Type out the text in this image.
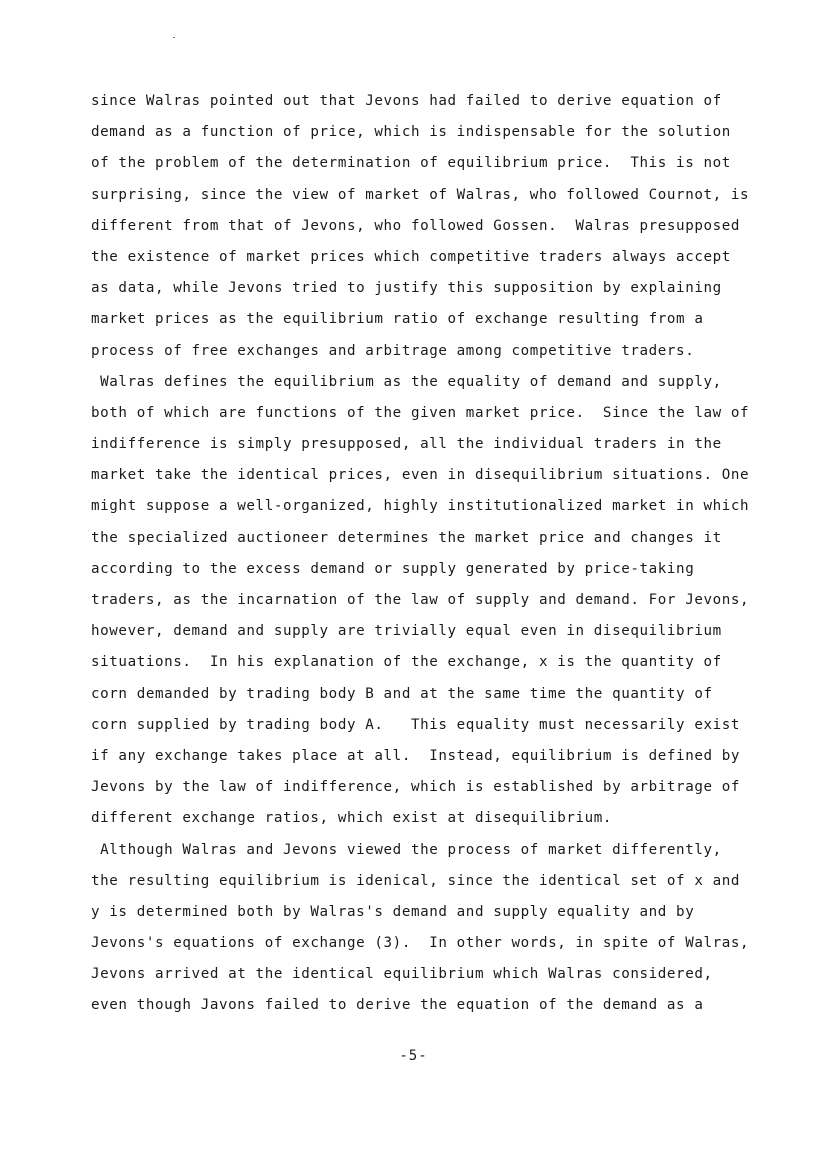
since Walras pointed out that Jevons had failed to derive equation of
demand as a function of price, which is indispensable for the solution
of the problem of the determination of equilibrium price.  This is not
surprising, since the view of market of Walras, who followed Cournot, is
different from that of Jevons, who followed Gossen.  Walras presupposed
the existence of market prices which competitive traders always accept
as data, while Jevons tried to justify this supposition by explaining
market prices as the equilibrium ratio of exchange resulting from a
process of free exchanges and arbitrage among competitive traders.
Walras defines the equilibrium as the equality of demand and supply,
both of which are functions of the given market price.  Since the law of
indifference is simply presupposed, all the individual traders in the
market take the identical prices, even in disequilibrium situations. One
might suppose a well-organized, highly institutionalized market in which
the specialized auctioneer determines the market price and changes it
according to the excess demand or supply generated by price-taking
traders, as the incarnation of the law of supply and demand. For Jevons,
however, demand and supply are trivially equal even in disequilibrium
situations.  In his explanation of the exchange, x is the quantity of
corn demanded by trading body B and at the same time the quantity of
corn supplied by trading body A.   This equality must necessarily exist
if any exchange takes place at all.  Instead, equilibrium is defined by
Jevons by the law of indifference, which is established by arbitrage of
different exchange ratios, which exist at disequilibrium.
Although Walras and Jevons viewed the process of market differently,
the resulting equilibrium is idenical, since the identical set of x and
y is determined both by Walras's demand and supply equality and by
Jevons's equations of exchange (3).  In other words, in spite of Walras,
Jevons arrived at the identical equilibrium which Walras considered,
even though Javons failed to derive the equation of the demand as a
-5-
